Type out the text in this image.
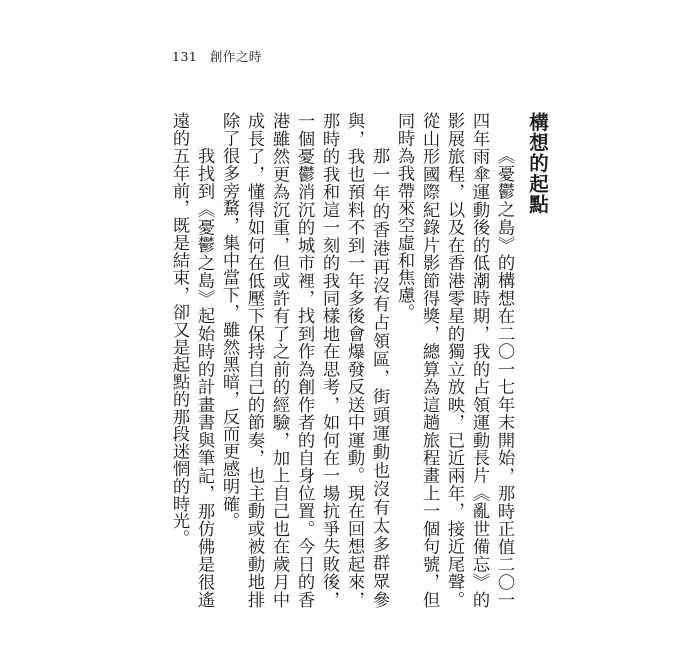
131 創作之時
構想的起點

《憂鬱之島》的構想在二〇一七年末開始，那時正值二〇一四年雨傘運動後的低潮時期，我的占領運動長片《亂世備忘》的影展旅程，以及在香港零星的獨立放映，已近兩年，接近尾聲。從山形國際紀錄片影節得獎，總算為這趟旅程畫上一個句號，但同時為我帶來空虛和焦慮。

那一年的香港再沒有占領區，街頭運動也沒有太多群眾參與，我也預料不到一年多後會爆發反送中運動。現在回想起來，那時的我和這一刻的我同樣地在思考，如何在一場抗爭失敗後，一個憂鬱消沉的城市裡，找到作為創作者的自身位置。今日的香港雖然更為沉重，但或許有了之前的經驗，加上自己也在歲月中成長了，懂得如何在低壓下保持自己的節奏，也主動或被動地排除了很多旁騖，集中當下，雖然黑暗，反而更感明確。

我找到《憂鬱之島》起始時的計畫書與筆記，那仿佛是很遙遠的五年前，既是結束，卻又是起點的那段迷惘的時光。
